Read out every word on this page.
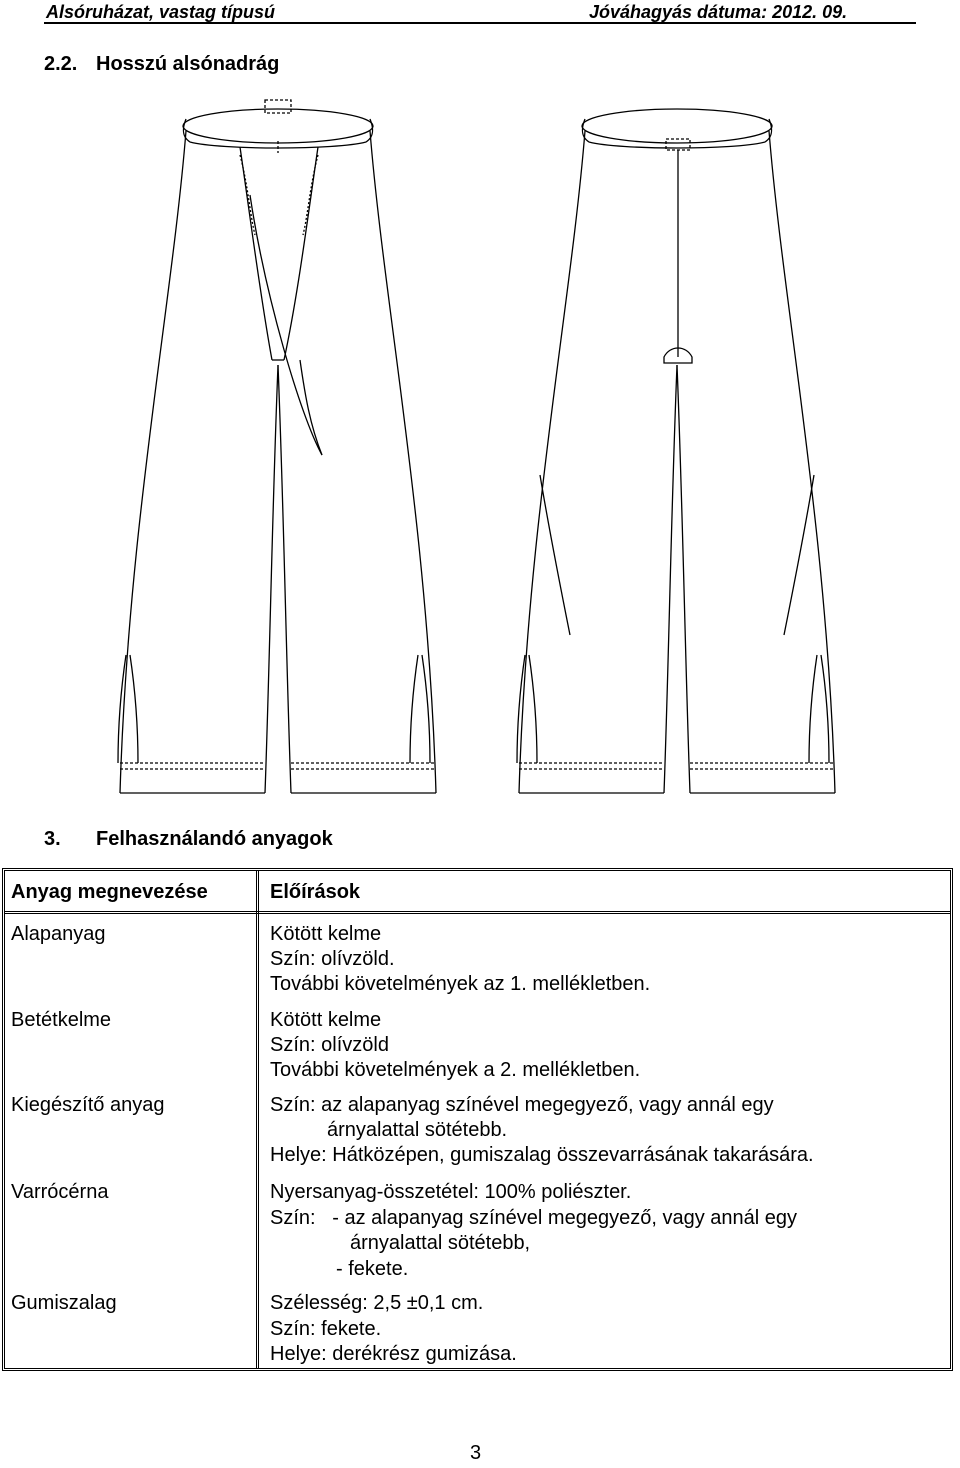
Alsóruházat, vastag típusú	Jóváhagyás dátuma: 2012. 09.
2.2. Hosszú alsónadrág
3. Felhasználandó anyagok
Anyag megnevezése	Előírások
Alapanyag	Kötött kelme
Szín: olívzöld.
További követelmények az 1. mellékletben.
Betétkelme	Kötött kelme
Szín: olívzöld
További követelmények a 2. mellékletben.
Kiegészítő anyag	Szín: az alapanyag színével megegyező, vagy annál egy
árnyalattal sötétebb.
Helye: Hátközépen, gumiszalag összevarrásának takarására.
Varrócérna	Nyersanyag-összetétel: 100% poliészter.
Szín:   - az alapanyag színével megegyező, vagy annál egy
árnyalattal sötétebb,
- fekete.
Gumiszalag	Szélesség: 2,5 ±0,1 cm.
Szín: fekete.
Helye: derékrész gumizása.
3
